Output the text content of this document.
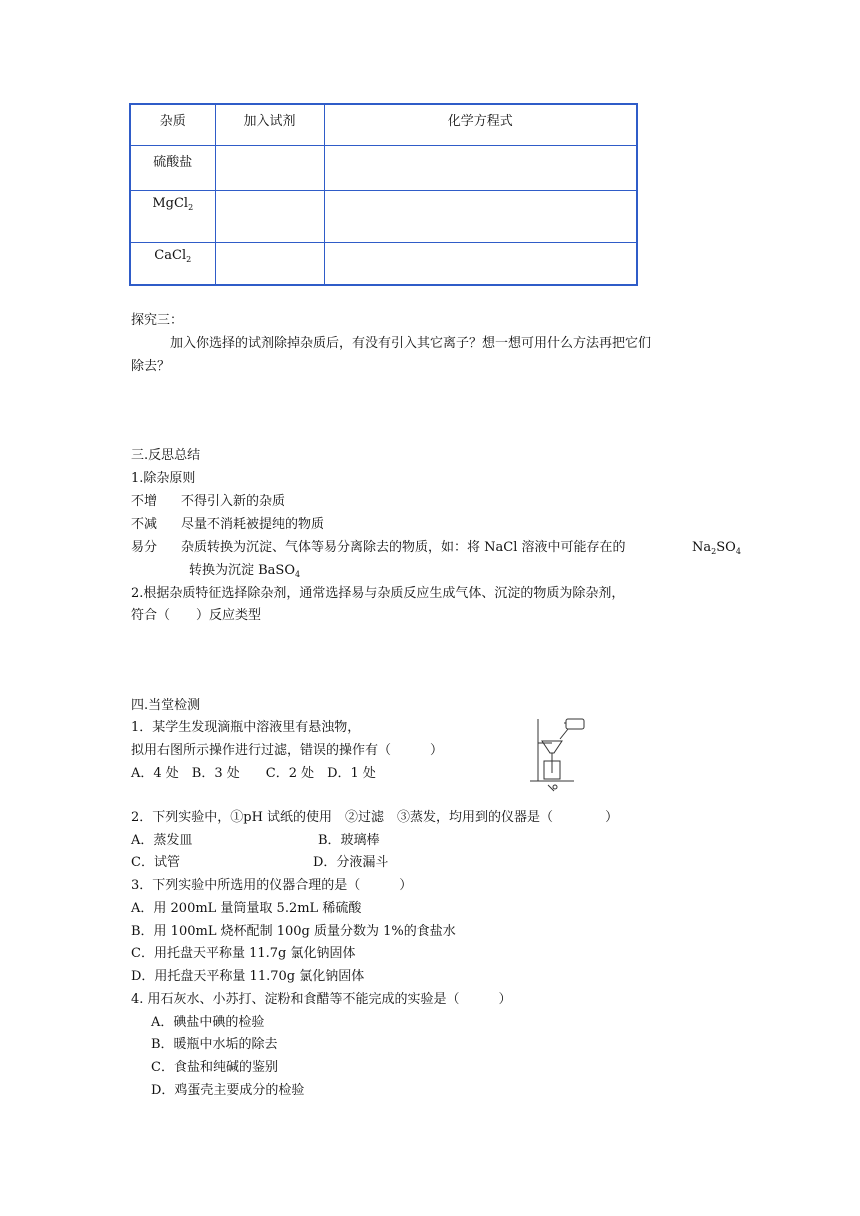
杂质	加入试剂	化学方程式
硫酸盐		
MgCl$_2$		
CaCl$_2$		
探究三：
加入你选择的试剂除掉杂质后，有没有引入其它离子？想一想可用什么方法再把它们
除去？
三.反思总结
1.除杂原则
不增 不得引入新的杂质
不减 尽量不消耗被提纯的物质
易分 杂质转换为沉淀、气体等易分离除去的物质，如：将 NaCl 溶液中可能存在的	$Na_2SO_4$
转换为沉淀 BaSO$_4$
2.根据杂质特征选择除杂剂，通常选择易与杂质反应生成气体、沉淀的物质为除杂剂，
符合（　　）反应类型
四.当堂检测
1．某学生发现滴瓶中溶液里有悬浊物，
拟用右图所示操作进行过滤，错误的操作有（　　　）
A．4 处　B．3 处　　C．2 处　D．1 处
2．下列实验中，①pH 试纸的使用　②过滤　③蒸发，均用到的仪器是（　　　　）
A．蒸发皿	B．玻璃棒
C．试管	D．分液漏斗
3．下列实验中所选用的仪器合理的是（　　　）
A．用 200mL 量筒量取 5.2mL 稀硫酸
B．用 100mL 烧杯配制 100g 质量分数为 1%的食盐水
C．用托盘天平称量 11.7g 氯化钠固体
D．用托盘天平称量 11.70g 氯化钠固体
4. 用石灰水、小苏打、淀粉和食醋等不能完成的实验是（　　　）
A．碘盐中碘的检验
B．暖瓶中水垢的除去
C．食盐和纯碱的鉴别
D．鸡蛋壳主要成分的检验
